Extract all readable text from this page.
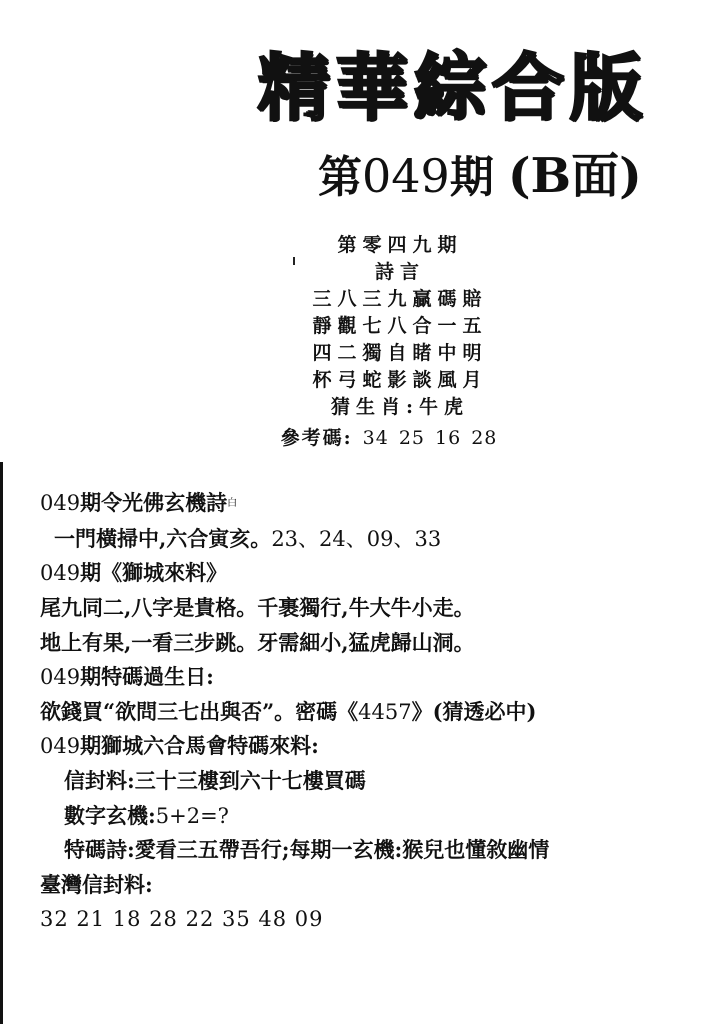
精華綜合版
第049期 (B面)
第零四九期
詩言
三八三九贏碼賠
靜觀七八合一五
四二獨自睹中明
杯弓蛇影談風月
猜生肖:牛虎
參考碼: 34 25 16 28
049期令光佛玄機詩白
一門橫掃中,六合寅亥。23、24、09、33
049期《獅城來料》
尾九同二,八字是貴格。千裹獨行,牛大牛小走。
地上有果,一看三步跳。牙需細小,猛虎歸山洞。
049期特碼過生日:
欲錢買“欲問三七出與否”。密碼《4457》(猜透必中)
049期獅城六合馬會特碼來料:
信封料:三十三樓到六十七樓買碼
數字玄機:5+2=?
特碼詩:愛看三五帶吾行;每期一玄機:猴兒也懂敘幽情
臺灣信封料:
32 21 18 28 22 35 48 09
